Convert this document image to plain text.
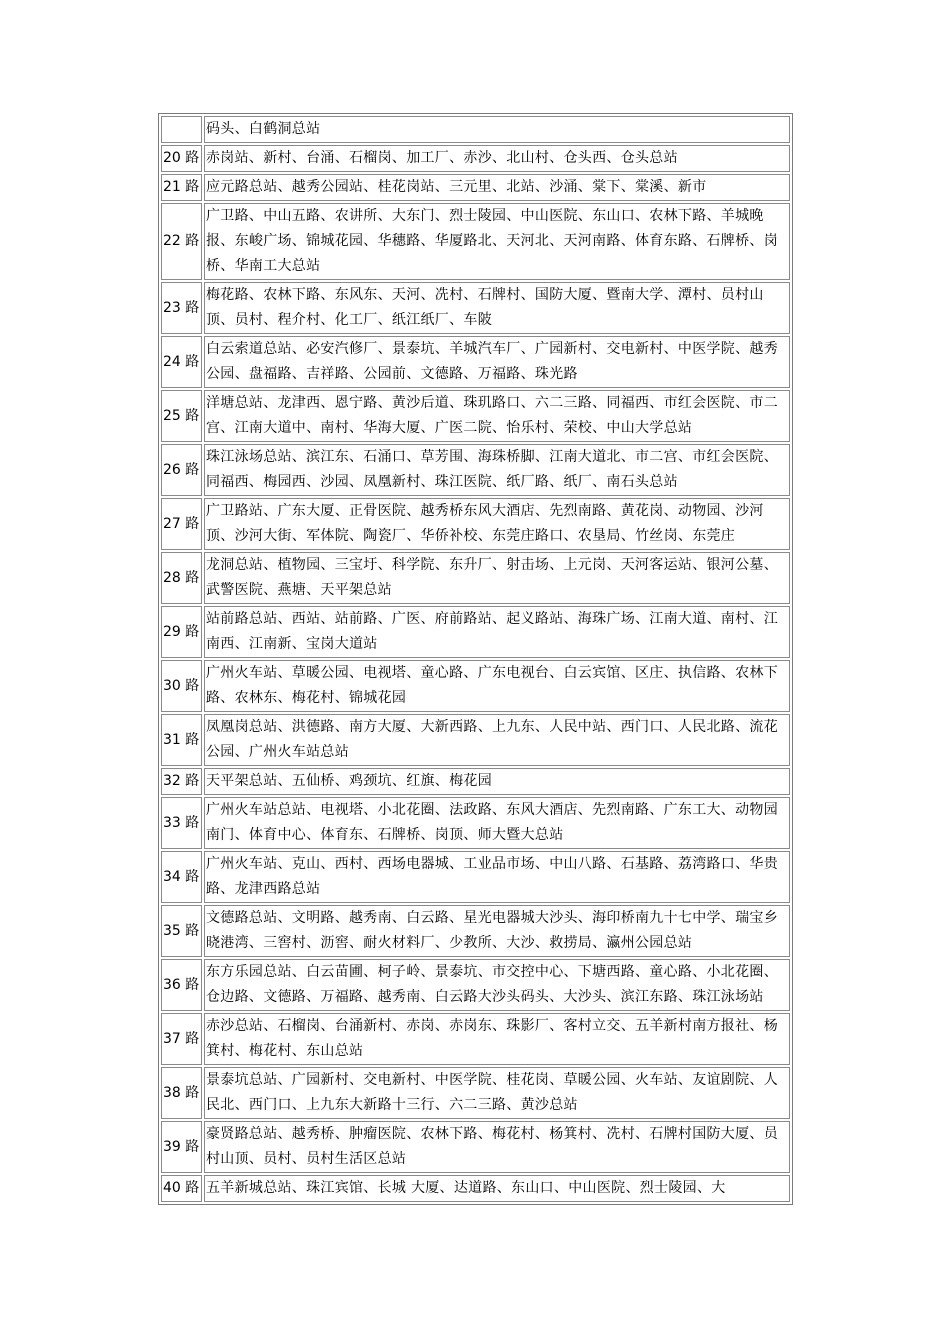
	码头、白鹤洞总站
20 路	赤岗站、新村、台涌、石榴岗、加工厂、赤沙、北山村、仓头西、仓头总站
21 路	应元路总站、越秀公园站、桂花岗站、三元里、北站、沙涌、棠下、棠溪、新市
22 路	广卫路、中山五路、农讲所、大东门、烈士陵园、中山医院、东山口、农林下路、羊城晚报、东峻广场、锦城花园、华穗路、华厦路北、天河北、天河南路、体育东路、石牌桥、岗桥、华南工大总站
23 路	梅花路、农林下路、东风东、天河、冼村、石牌村、国防大厦、暨南大学、潭村、员村山顶、员村、程介村、化工厂、纸江纸厂、车陂
24 路	白云索道总站、必安汽修厂、景泰坑、羊城汽车厂、广园新村、交电新村、中医学院、越秀公园、盘福路、吉祥路、公园前、文德路、万福路、珠光路
25 路	洋塘总站、龙津西、恩宁路、黄沙后道、珠玑路口、六二三路、同福西、市红会医院、市二宫、江南大道中、南村、华海大厦、广医二院、怡乐村、荣校、中山大学总站
26 路	珠江泳场总站、滨江东、石涌口、草芳围、海珠桥脚、江南大道北、市二宫、市红会医院、同福西、梅园西、沙园、凤凰新村、珠江医院、纸厂路、纸厂、南石头总站
27 路	广卫路站、广东大厦、正骨医院、越秀桥东风大酒店、先烈南路、黄花岗、动物园、沙河顶、沙河大街、军体院、陶瓷厂、华侨补校、东莞庄路口、农垦局、竹丝岗、东莞庄
28 路	龙洞总站、植物园、三宝圩、科学院、东升厂、射击场、上元岗、天河客运站、银河公墓、武警医院、燕塘、天平架总站
29 路	站前路总站、西站、站前路、广医、府前路站、起义路站、海珠广场、江南大道、南村、江南西、江南新、宝岗大道站
30 路	广州火车站、草暖公园、电视塔、童心路、广东电视台、白云宾馆、区庄、执信路、农林下路、农林东、梅花村、锦城花园
31 路	凤凰岗总站、洪德路、南方大厦、大新西路、上九东、人民中站、西门口、人民北路、流花公园、广州火车站总站
32 路	天平架总站、五仙桥、鸡颈坑、红旗、梅花园
33 路	广州火车站总站、电视塔、小北花圈、法政路、东风大酒店、先烈南路、广东工大、动物园南门、体育中心、体育东、石牌桥、岗顶、师大暨大总站
34 路	广州火车站、克山、西村、西场电器城、工业品市场、中山八路、石基路、荔湾路口、华贵路、龙津西路总站
35 路	文德路总站、文明路、越秀南、白云路、星光电器城大沙头、海印桥南九十七中学、瑞宝乡晓港湾、三窖村、沥窖、耐火材料厂、少教所、大沙、救捞局、瀛州公园总站
36 路	东方乐园总站、白云苗圃、柯子岭、景泰坑、市交控中心、下塘西路、童心路、小北花圈、仓边路、文德路、万福路、越秀南、白云路大沙头码头、大沙头、滨江东路、珠江泳场站
37 路	赤沙总站、石榴岗、台涌新村、赤岗、赤岗东、珠影厂、客村立交、五羊新村南方报社、杨箕村、梅花村、东山总站
38 路	景泰坑总站、广园新村、交电新村、中医学院、桂花岗、草暖公园、火车站、友谊剧院、人民北、西门口、上九东大新路十三行、六二三路、黄沙总站
39 路	豪贤路总站、越秀桥、肿瘤医院、农林下路、梅花村、杨箕村、冼村、石牌村国防大厦、员村山顶、员村、员村生活区总站
40 路	五羊新城总站、珠江宾馆、长城 大厦、达道路、东山口、中山医院、烈士陵园、大
